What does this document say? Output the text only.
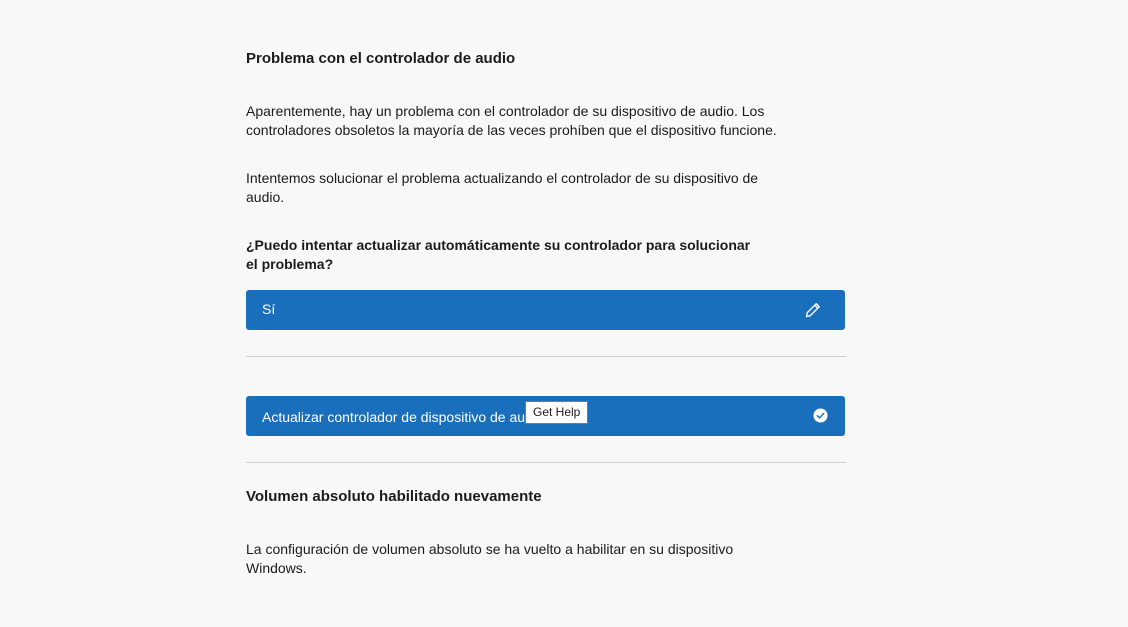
Problema con el controlador de audio

Aparentemente, hay un problema con el controlador de su dispositivo de audio. Los
controladores obsoletos la mayoría de las veces prohíben que el dispositivo funcione.

Intentemos solucionar el problema actualizando el controlador de su dispositivo de
audio.

¿Puedo intentar actualizar automáticamente su controlador para solucionar
el problema?

Sí
Actualizar controlador de dispositivo de au Get Help
Volumen absoluto habilitado nuevamente

La configuración de volumen absoluto se ha vuelto a habilitar en su dispositivo
Windows.
